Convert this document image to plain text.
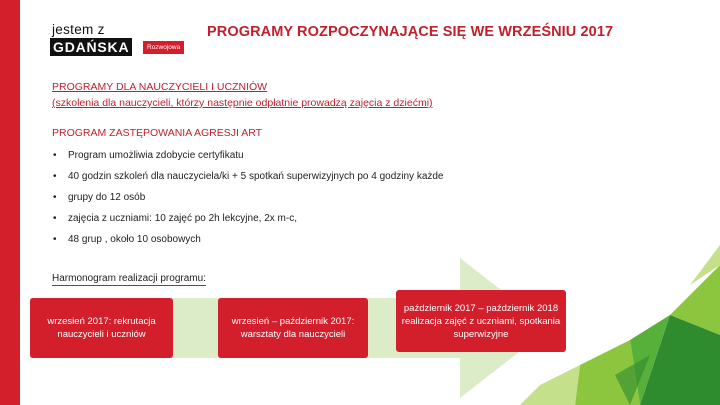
jestem z
GDAŃSKA	Rozwojowa się
PROGRAMY ROZPOCZYNAJĄCE SIĘ WE WRZEŚNIU 2017
PROGRAMY DLA NAUCZYCIELI I UCZNIÓW
(szkolenia dla nauczycieli, którzy następnie odpłatnie prowadzą zajęcia z dziećmi)
PROGRAM ZASTĘPOWANIA AGRESJI ART
• Program umożliwia zdobycie certyfikatu
• 40 godzin szkoleń dla nauczyciela/ki + 5 spotkań superwizyjnych po 4 godziny każde
• grupy do 12 osób
• zajęcia z uczniami: 10 zajęć po 2h lekcyjne, 2x m-c,
• 48 grup , około 10 osobowych
Harmonogram realizacji programu:
wrzesień 2017: rekrutacja nauczycieli i uczniów
wrzesień – październik 2017: warsztaty dla nauczycieli
październik 2017 – październik 2018 realizacja zajęć z uczniami, spotkania superwizyjne
